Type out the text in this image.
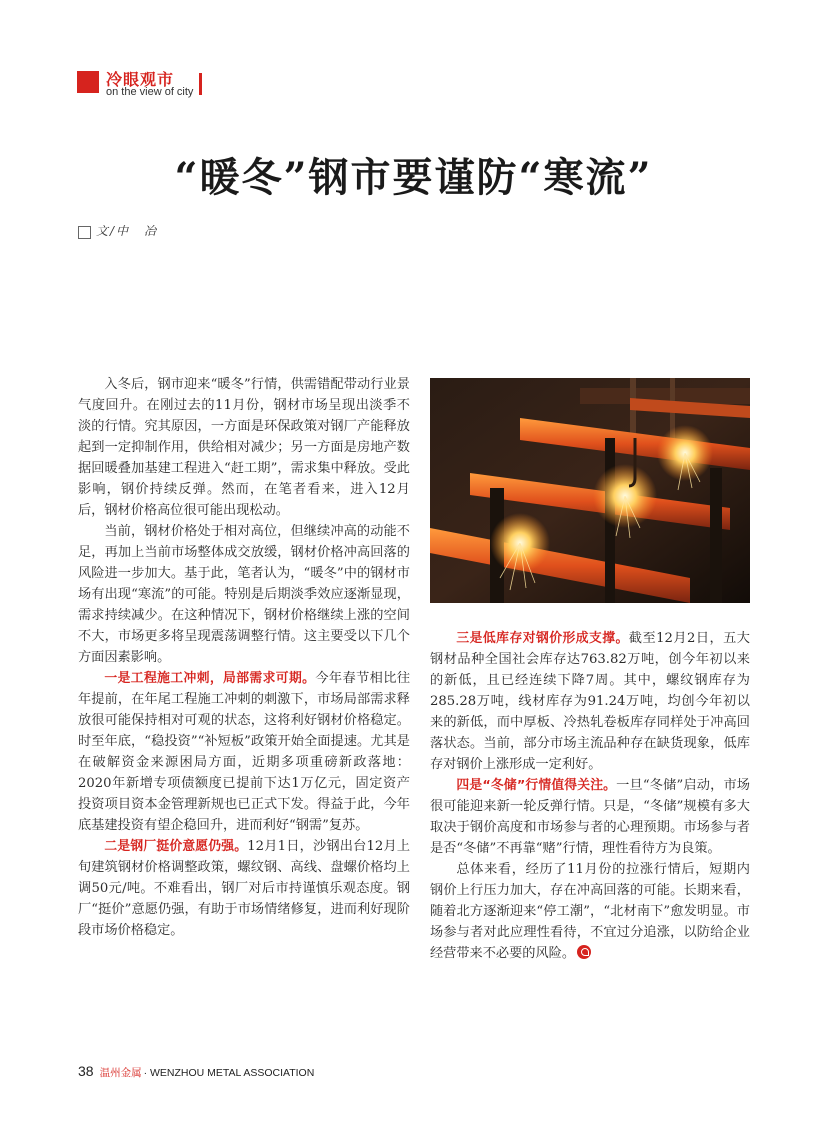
冷眼观市
on the view of city
“暖冬”钢市要谨防“寒流”
文/中　冶

入冬后，钢市迎来“暖冬”行情，供需错配带动行业景气度回升。在刚过去的11月份，钢材市场呈现出淡季不淡的行情。究其原因，一方面是环保政策对钢厂产能释放起到一定抑制作用，供给相对减少；另一方面是房地产数据回暖叠加基建工程进入“赶工期”，需求集中释放。受此影响，钢价持续反弹。然而，在笔者看来，进入12月后，钢材价格高位很可能出现松动。

当前，钢材价格处于相对高位，但继续冲高的动能不足，再加上当前市场整体成交放缓，钢材价格冲高回落的风险进一步加大。基于此，笔者认为，“暖冬”中的钢材市场有出现“寒流”的可能。特别是后期淡季效应逐渐显现，需求持续减少。在这种情况下，钢材价格继续上涨的空间不大，市场更多将呈现震荡调整行情。这主要受以下几个方面因素影响。

一是工程施工冲刺，局部需求可期。今年春节相比往年提前，在年尾工程施工冲刺的刺激下，市场局部需求释放很可能保持相对可观的状态，这将利好钢材价格稳定。时至年底，“稳投资”“补短板”政策开始全面提速。尤其是在破解资金来源困局方面，近期多项重磅新政落地：2020年新增专项债额度已提前下达1万亿元，固定资产投资项目资本金管理新规也已正式下发。得益于此，今年底基建投资有望企稳回升，进而利好“钢需”复苏。

二是钢厂挺价意愿仍强。12月1日，沙钢出台12月上旬建筑钢材价格调整政策，螺纹钢、高线、盘螺价格均上调50元/吨。不难看出，钢厂对后市持谨慎乐观态度。钢厂“挺价”意愿仍强，有助于市场情绪修复，进而利好现阶段市场价格稳定。

三是低库存对钢价形成支撑。截至12月2日，五大钢材品种全国社会库存达763.82万吨，创今年初以来的新低，且已经连续下降7周。其中，螺纹钢库存为285.28万吨，线材库存为91.24万吨，均创今年初以来的新低，而中厚板、冷热轧卷板库存同样处于冲高回落状态。当前，部分市场主流品种存在缺货现象，低库存对钢价上涨形成一定利好。

四是“冬储”行情值得关注。一旦“冬储”启动，市场很可能迎来新一轮反弹行情。只是，“冬储”规模有多大取决于钢价高度和市场参与者的心理预期。市场参与者是否“冬储”不再靠“赌”行情，理性看待方为良策。

总体来看，经历了11月份的拉涨行情后，短期内钢价上行压力加大，存在冲高回落的可能。长期来看，随着北方逐渐迎来“停工潮”，“北材南下”愈发明显。市场参与者对此应理性看待，不宜过分追涨，以防给企业经营带来不必要的风险。

38 温州金属 · WENZHOU METAL ASSOCIATION
